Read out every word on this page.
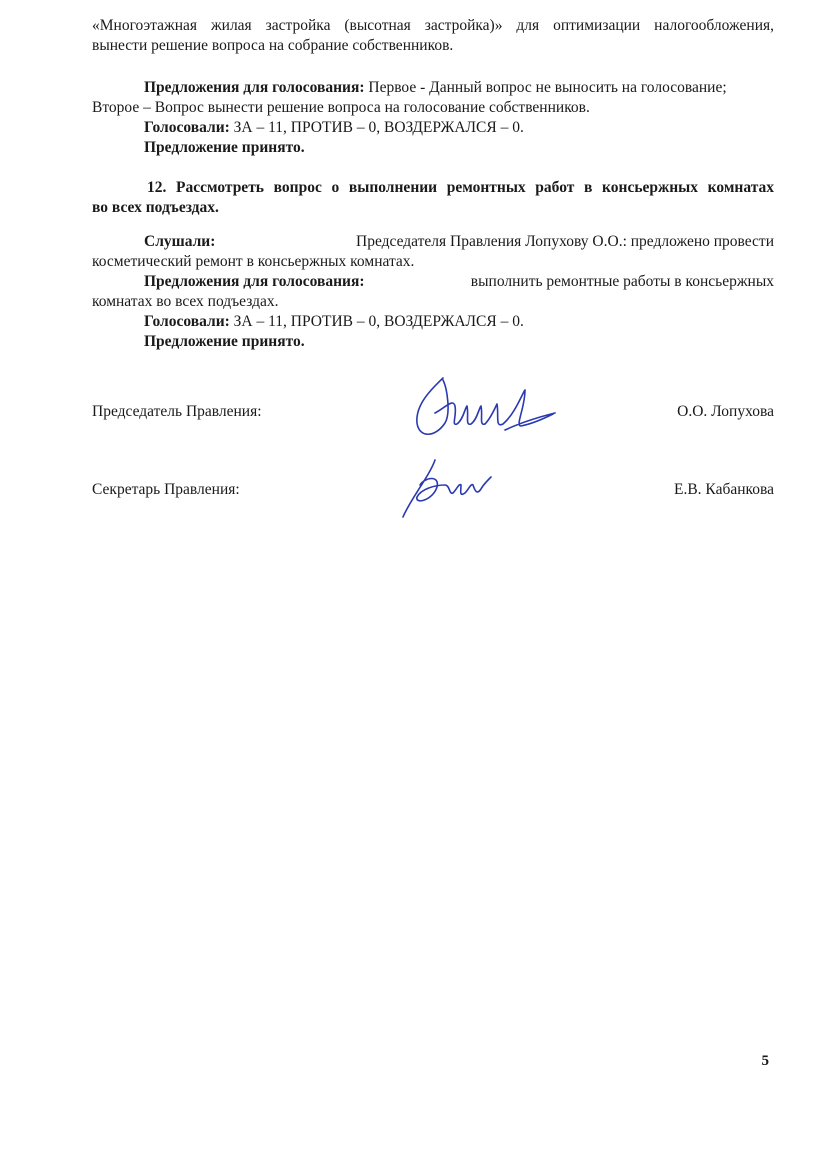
«Многоэтажная жилая застройка (высотная застройка)» для оптимизации налогообложения,
вынести решение вопроса на собрание собственников.
Предложения для голосования: Первое - Данный вопрос не выносить на голосование;
Второе – Вопрос вынести решение вопроса на голосование собственников.
Голосовали: ЗА – 11, ПРОТИВ – 0, ВОЗДЕРЖАЛСЯ – 0.
Предложение принято.
12. Рассмотреть вопрос о выполнении ремонтных работ в консьержных комнатах
во всех подъездах.
Слушали:	Председателя Правления Лопухову О.О.: предложено провести
косметический ремонт в консьержных комнатах.
Предложения для голосования:	выполнить ремонтные работы в консьержных
комнатах во всех подъездах.
Голосовали: ЗА – 11, ПРОТИВ – 0, ВОЗДЕРЖАЛСЯ – 0.
Предложение принято.
Председатель Правления:	О.О. Лопухова
Секретарь Правления:	Е.В. Кабанкова
5
